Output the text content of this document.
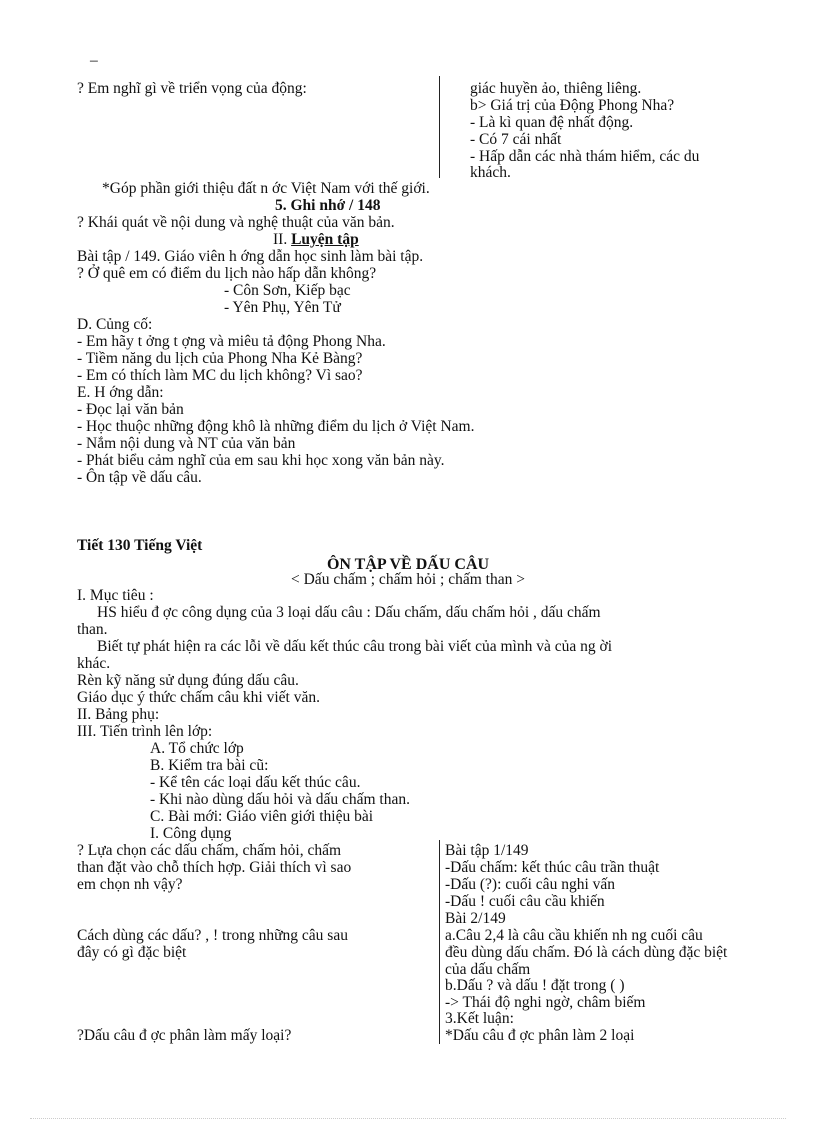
–
? Em nghĩ gì về triển vọng của động:	giác huyền ảo, thiêng liêng.
b> Giá trị của Động Phong Nha?
- Là kì quan đệ nhất động.
- Có 7 cái nhất
- Hấp dẫn các nhà thám hiểm, các du
khách.
*Góp phần giới thiệu đất n ớc Việt Nam với thế giới.
5. Ghi nhớ / 148
? Khái quát về nội dung và nghệ thuật của văn bản.
II. Luyện tập
Bài tập / 149. Giáo viên h ớng dẫn học sinh làm bài tập.
? Ở quê em có điểm du lịch nào hấp dẫn không?
- Côn Sơn, Kiếp bạc
- Yên Phụ, Yên Tử
D. Củng cố:
- Em hãy t ởng t ợng và miêu tả động Phong Nha.
- Tiềm năng du lịch của Phong Nha Kẻ Bàng?
- Em có thích làm MC du lịch không? Vì sao?
E. H ớng dẫn:
- Đọc lại văn bản
- Học thuộc những động khô là những điểm du lịch ở Việt Nam.
- Nắm nội dung và NT của văn bản
- Phát biểu cảm nghĩ của em sau khi học xong văn bản này.
- Ôn tập về dấu câu.
Tiết 130 Tiếng Việt
ÔN TẬP VỀ DẤU CÂU
< Dấu chấm ; chấm hỏi ; chấm than >
I. Mục tiêu :
HS hiểu đ ợc công dụng của 3 loại dấu câu : Dấu chấm, dấu chấm hỏi , dấu chấm
than.
Biết tự phát hiện ra các lỗi về dấu kết thúc câu trong bài viết của mình và của ng ời
khác.
Rèn kỹ năng sử dụng đúng dấu câu.
Giáo dục ý thức chấm câu khi viết văn.
II. Bảng phụ:
III. Tiến trình lên lớp:
A. Tổ chức lớp
B. Kiểm tra bài cũ:
- Kể tên các loại dấu kết thúc câu.
- Khi nào dùng dấu hỏi và dấu chấm than.
C. Bài mới: Giáo viên giới thiệu bài
I. Công dụng
? Lựa chọn các dấu chấm, chấm hỏi, chấm
than đặt vào chỗ thích hợp. Giải thích vì sao
em chọn nh vậy?
Cách dùng các dấu? , ! trong những câu sau
đây có gì đặc biệt
?Dấu câu đ ợc phân làm mấy loại?
Bài tập 1/149
-Dấu chấm: kết thúc câu trần thuật
-Dấu (?): cuối câu nghi vấn
-Dấu ! cuối câu cầu khiến
Bài 2/149
a.Câu 2,4 là câu cầu khiến nh ng cuối câu
đều dùng dấu chấm. Đó là cách dùng đặc biệt
của dấu chấm
b.Dấu ? và dấu ! đặt trong ( )
-> Thái độ nghi ngờ, châm biếm
3.Kết luận:
*Dấu câu đ ợc phân làm 2 loại
